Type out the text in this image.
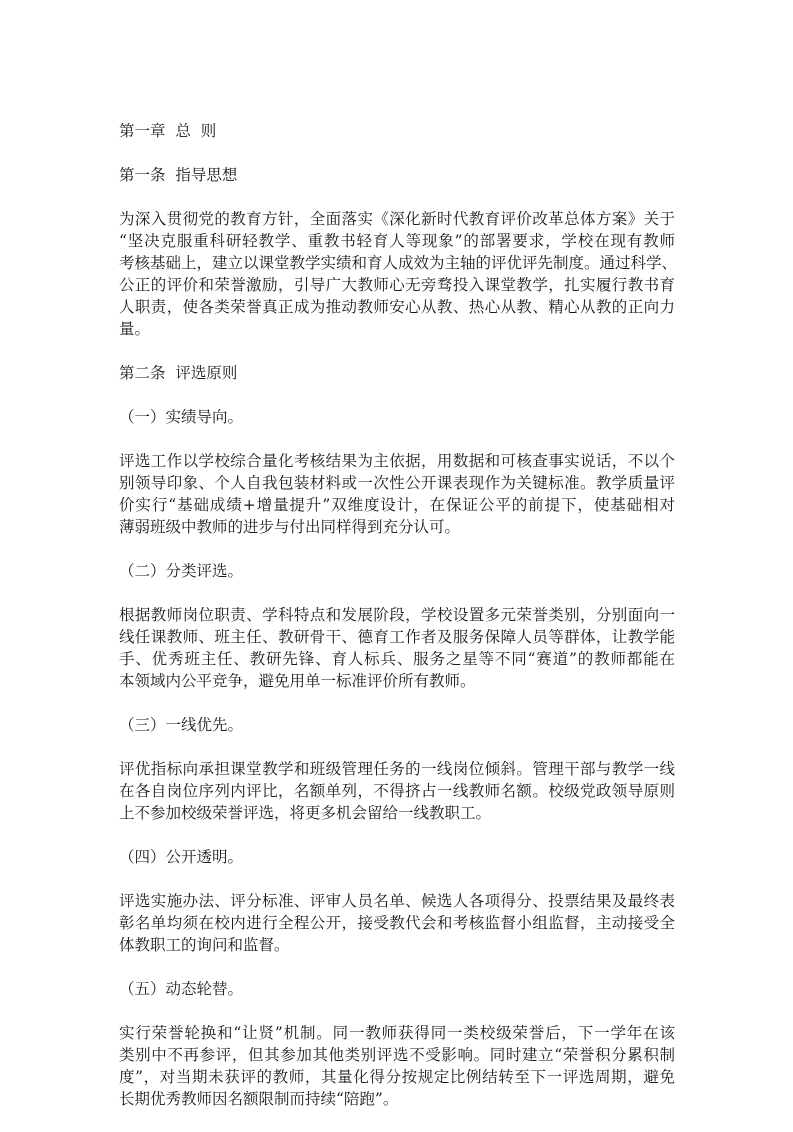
第一章  总  则
第一条  指导思想
为深入贯彻党的教育方针，全面落实《深化新时代教育评价改革总体方案》关于
“坚决克服重科研轻教学、重教书轻育人等现象”的部署要求，学校在现有教师
考核基础上，建立以课堂教学实绩和育人成效为主轴的评优评先制度。通过科学、
公正的评价和荣誉激励，引导广大教师心无旁骛投入课堂教学，扎实履行教书育
人职责，使各类荣誉真正成为推动教师安心从教、热心从教、精心从教的正向力
量。
第二条  评选原则
（一）实绩导向。
评选工作以学校综合量化考核结果为主依据，用数据和可核查事实说话，不以个
别领导印象、个人自我包装材料或一次性公开课表现作为关键标准。教学质量评
价实行“基础成绩+增量提升”双维度设计，在保证公平的前提下，使基础相对
薄弱班级中教师的进步与付出同样得到充分认可。
（二）分类评选。
根据教师岗位职责、学科特点和发展阶段，学校设置多元荣誉类别，分别面向一
线任课教师、班主任、教研骨干、德育工作者及服务保障人员等群体，让教学能
手、优秀班主任、教研先锋、育人标兵、服务之星等不同“赛道”的教师都能在
本领域内公平竞争，避免用单一标准评价所有教师。
（三）一线优先。
评优指标向承担课堂教学和班级管理任务的一线岗位倾斜。管理干部与教学一线
在各自岗位序列内评比，名额单列，不得挤占一线教师名额。校级党政领导原则
上不参加校级荣誉评选，将更多机会留给一线教职工。
（四）公开透明。
评选实施办法、评分标准、评审人员名单、候选人各项得分、投票结果及最终表
彰名单均须在校内进行全程公开，接受教代会和考核监督小组监督，主动接受全
体教职工的询问和监督。
（五）动态轮替。
实行荣誉轮换和“让贤”机制。同一教师获得同一类校级荣誉后，下一学年在该
类别中不再参评，但其参加其他类别评选不受影响。同时建立“荣誉积分累积制
度”，对当期未获评的教师，其量化得分按规定比例结转至下一评选周期，避免
长期优秀教师因名额限制而持续“陪跑”。
